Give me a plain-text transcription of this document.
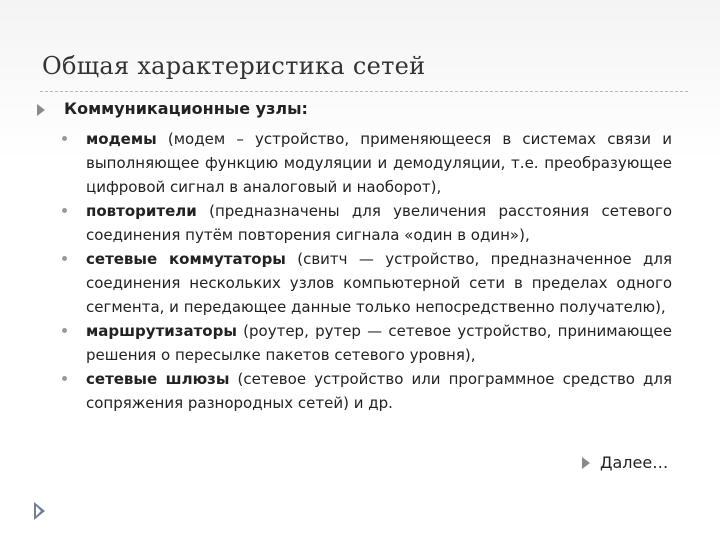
Общая характеристика сетей
Коммуникационные узлы:
модемы (модем – устройство, применяющееся в системах связи и выполняющее функцию модуляции и демодуляции, т.е. преобразующее цифровой сигнал в аналоговый и наоборот),
повторители (предназначены для увеличения расстояния сетевого соединения путём повторения сигнала «один в один»),
сетевые коммутаторы (свитч — устройство, предназначенное для соединения нескольких узлов компьютерной сети в пределах одного сегмента, и передающее данные только непосредственно получателю),
маршрутизаторы (роутер, рутер — сетевое устройство, принимающее решения о пересылке пакетов сетевого уровня),
сетевые шлюзы (сетевое устройство или программное средство для сопряжения разнородных сетей) и др.
Далее…
